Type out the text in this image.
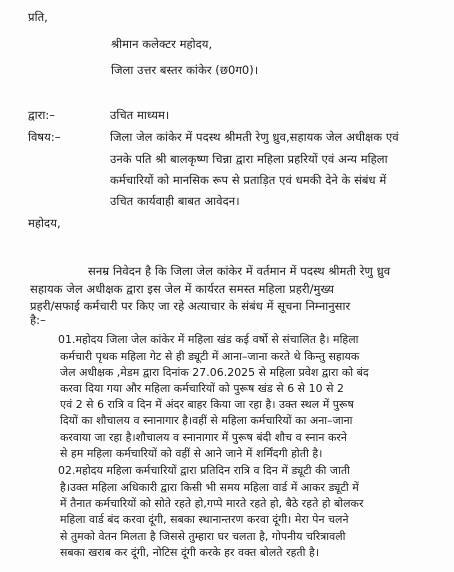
प्रति,
श्रीमान कलेक्टर महोदय,
जिला उत्तर बस्तर कांकेर (छ0ग0)।
द्वारा:–	उचित माध्यम।
विषय:–	जिला जेल कांकेर में पदस्थ श्रीमती रेणु ध्रुव,सहायक जेल अधीक्षक एवं
उनके पति श्री बालकृष्ण चिन्ना द्वारा महिला प्रहरियों एवं अन्य महिला
कर्मचारियों को मानसिक रूप से प्रताड़ित एवं धमकी देने के संबंध में
उचित कार्यवाही बाबत आवेदन।
महोदय,
सनम्र निवेदन है कि जिला जेल कांकेर में वर्तमान में पदस्थ श्रीमती रेणु ध्रुव
सहायक जेल अधीक्षक द्वारा इस जेल में कार्यरत समस्त महिला प्रहरी/मुख्य
प्रहरी/सफाई कर्मचारी पर किए जा रहे अत्याचार के संबंध में सूचना निम्नानुसार
है:–
01.महोदय जिला जेल कांकेर में महिला खंड कई वर्षो से संचालित है। महिला
कर्मचारी पृथक महिला गेट से ही ड्यूटी में आना–जाना करते थे किन्तु सहायक
जेल अधीक्षक ,मेडम द्वारा दिनांक 27.06.2025 से महिला प्रवेश द्वारा को बंद
करवा दिया गया और महिला कर्मचारियों को पुरूष खंड से 6 से 10 से 2
एवं 2 से 6 रात्रि व दिन में अंदर बाहर किया जा रहा है। उक्त स्थल में पुरूष
दियों का शौचालय व स्नानागार है।वहीं से महिला कर्मचारियों का अना–जाना
करवाया जा रहा है।शौचालय व स्नानागार में पुरूष बंदी शौच व स्नान करने
से हम महिला कर्मचारियों को वहीं से आने जाने में शर्मिंदगी होती है।
02.महोदय महिला कर्मचारियों द्वारा प्रतिदिन रात्रि व दिन में ड्यूटी की जाती
है।उक्त महिला अधिकारी द्वारा किसी भी समय महिला वार्ड में आकर ड्यूटी में
में तैनात कर्मचारियों को सोते रहते हो,गप्पे मारते रहते हो, बैठे रहते हो बोलकर
महिला वार्ड बंद करवा दूंगी, सबका स्थानान्तरण करवा दूंगी। मेरा पेन चलने
से तुमको वेतन मिलता है जिससे तुम्हारा घर चलता है, गोपनीय चरित्रावली
सबका खराब कर दूंगी, नोटिस दूंगी करके हर वक्त बोलते रहती है।
